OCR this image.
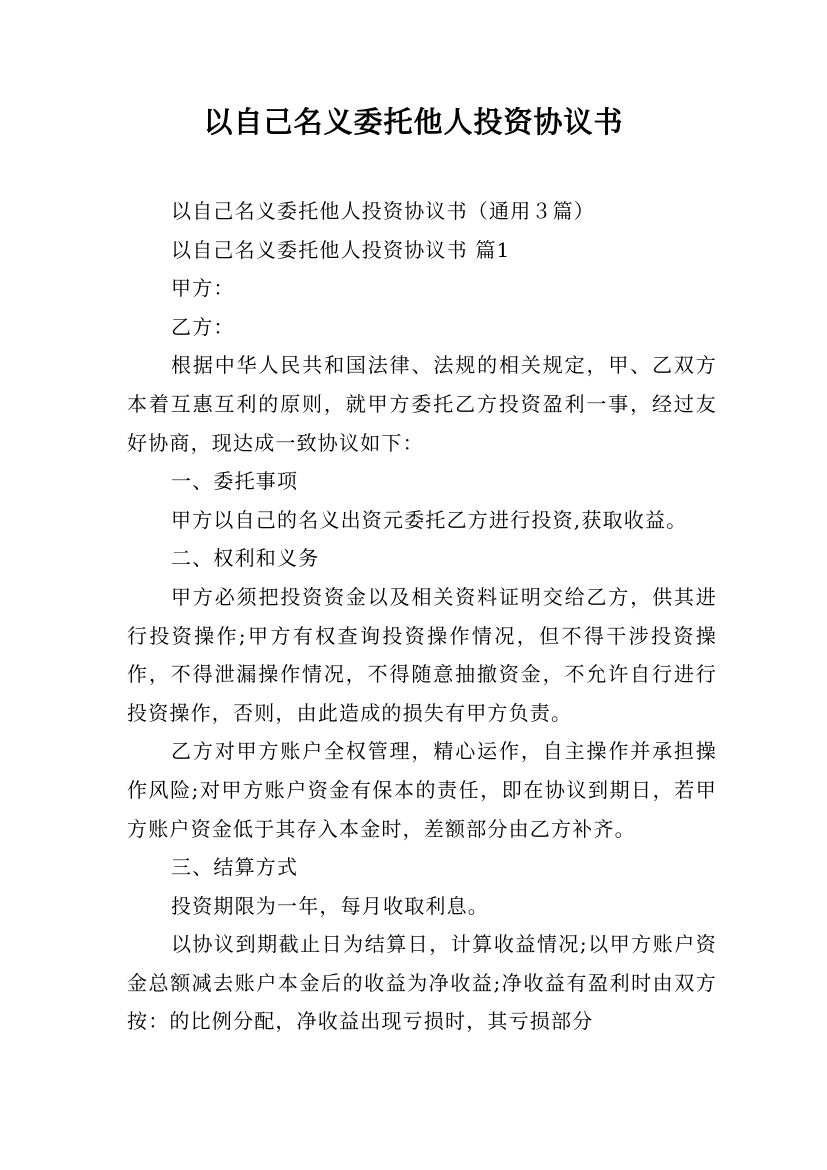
以自己名义委托他人投资协议书

以自己名义委托他人投资协议书（通用３篇）

以自己名义委托他人投资协议书 篇1

甲方：

乙方：

根据中华人民共和国法律、法规的相关规定，甲、乙双方本着互惠互利的原则，就甲方委托乙方投资盈利一事，经过友好协商，现达成一致协议如下：

一、委托事项

甲方以自己的名义出资元委托乙方进行投资,获取收益。

二、权利和义务

甲方必须把投资资金以及相关资料证明交给乙方，供其进行投资操作;甲方有权查询投资操作情况，但不得干涉投资操作，不得泄漏操作情况，不得随意抽撤资金，不允许自行进行投资操作，否则，由此造成的损失有甲方负责。

乙方对甲方账户全权管理，精心运作，自主操作并承担操作风险;对甲方账户资金有保本的责任，即在协议到期日，若甲方账户资金低于其存入本金时，差额部分由乙方补齐。

三、结算方式

投资期限为一年，每月收取利息。

以协议到期截止日为结算日，计算收益情况;以甲方账户资金总额减去账户本金后的收益为净收益;净收益有盈利时由双方按：的比例分配，净收益出现亏损时，其亏损部分
